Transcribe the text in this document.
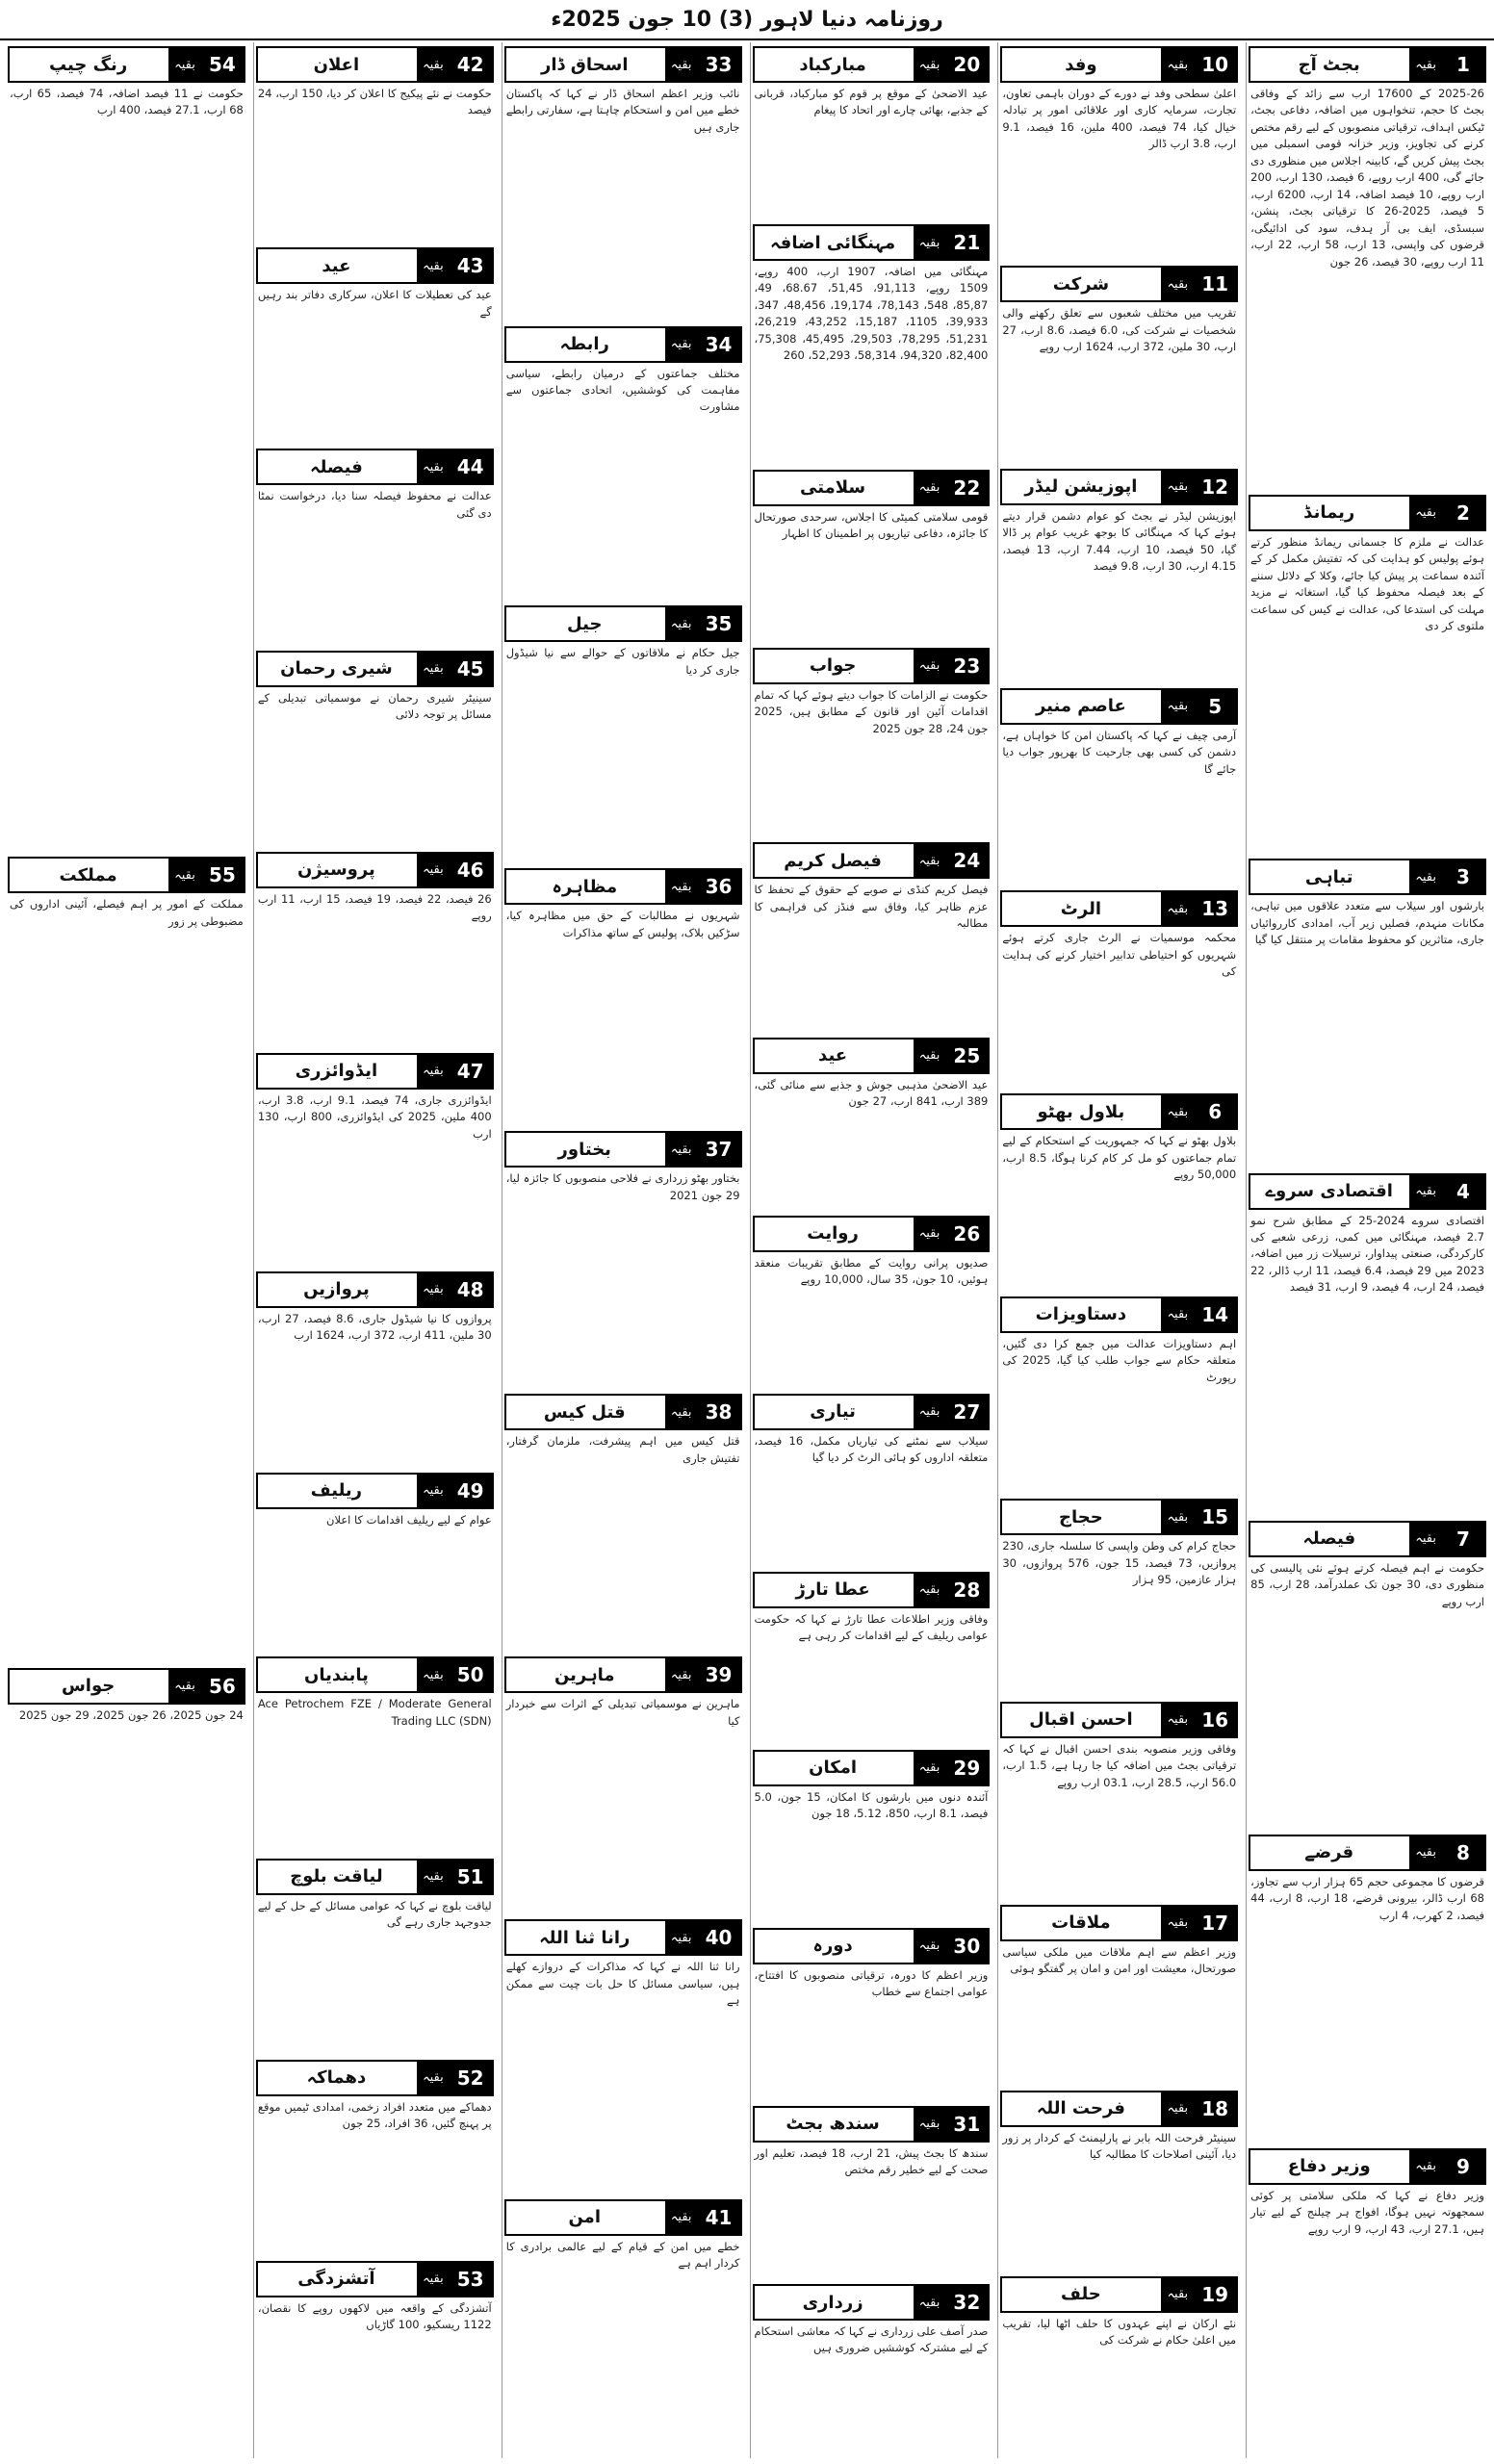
روزنامہ دنیا لاہور (3) 10 جون 2025ء
1
بقیہ
بجٹ آج
2025-26 کے 17600 ارب سے زائد کے وفاقی بجٹ کا حجم، تنخواہوں میں اضافہ، دفاعی بجٹ، ٹیکس اہداف، ترقیاتی منصوبوں کے لیے رقم مختص کرنے کی تجاویز، وزیر خزانہ قومی اسمبلی میں بجٹ پیش کریں گے، کابینہ اجلاس میں منظوری دی جائے گی، 400 ارب روپے، 6 فیصد، 130 ارب، 200 ارب روپے، 10 فیصد اضافہ، 14 ارب، 6200 ارب، 5 فیصد، 2025-26 کا ترقیاتی بجٹ، پنشن، سبسڈی، ایف بی آر ہدف، سود کی ادائیگی، قرضوں کی واپسی، 13 ارب، 58 ارب، 22 ارب، 11 ارب روپے، 30 فیصد، 26 جون
2
بقیہ
ریمانڈ
عدالت نے ملزم کا جسمانی ریمانڈ منظور کرتے ہوئے پولیس کو ہدایت کی کہ تفتیش مکمل کر کے آئندہ سماعت پر پیش کیا جائے، وکلا کے دلائل سننے کے بعد فیصلہ محفوظ کیا گیا، استغاثہ نے مزید مہلت کی استدعا کی، عدالت نے کیس کی سماعت ملتوی کر دی
3
بقیہ
تباہی
بارشوں اور سیلاب سے متعدد علاقوں میں تباہی، مکانات منہدم، فصلیں زیر آب، امدادی کارروائیاں جاری، متاثرین کو محفوظ مقامات پر منتقل کیا گیا
4
بقیہ
اقتصادی سروے
اقتصادی سروے 2024-25 کے مطابق شرح نمو 2.7 فیصد، مہنگائی میں کمی، زرعی شعبے کی کارکردگی، صنعتی پیداوار، ترسیلات زر میں اضافہ، 2023 میں 29 فیصد، 6.4 فیصد، 11 ارب ڈالر، 22 فیصد، 24 ارب، 4 فیصد، 9 ارب، 31 فیصد
7
بقیہ
فیصلہ
حکومت نے اہم فیصلہ کرتے ہوئے نئی پالیسی کی منظوری دی، 30 جون تک عملدرآمد، 28 ارب، 85 ارب روپے
8
بقیہ
قرضے
قرضوں کا مجموعی حجم 65 ہزار ارب سے تجاوز، 68 ارب ڈالر، بیرونی قرضے، 18 ارب، 8 ارب، 44 فیصد، 2 کھرب، 4 ارب
9
بقیہ
وزیر دفاع
وزیر دفاع نے کہا کہ ملکی سلامتی پر کوئی سمجھوتہ نہیں ہوگا، افواج ہر چیلنج کے لیے تیار ہیں، 27.1 ارب، 43 ارب، 9 ارب روپے
10
بقیہ
وفد
اعلیٰ سطحی وفد نے دورے کے دوران باہمی تعاون، تجارت، سرمایہ کاری اور علاقائی امور پر تبادلہ خیال کیا، 74 فیصد، 400 ملین، 16 فیصد، 9.1 ارب، 3.8 ارب ڈالر
11
بقیہ
شرکت
تقریب میں مختلف شعبوں سے تعلق رکھنے والی شخصیات نے شرکت کی، 6.0 فیصد، 8.6 ارب، 27 ارب، 30 ملین، 372 ارب، 1624 ارب روپے
12
بقیہ
اپوزیشن لیڈر
اپوزیشن لیڈر نے بجٹ کو عوام دشمن قرار دیتے ہوئے کہا کہ مہنگائی کا بوجھ غریب عوام پر ڈالا گیا، 50 فیصد، 10 ارب، 7.44 ارب، 13 فیصد، 4.15 ارب، 30 ارب، 9.8 فیصد
5
بقیہ
عاصم منیر
آرمی چیف نے کہا کہ پاکستان امن کا خواہاں ہے، دشمن کی کسی بھی جارحیت کا بھرپور جواب دیا جائے گا
13
بقیہ
الرٹ
محکمہ موسمیات نے الرٹ جاری کرتے ہوئے شہریوں کو احتیاطی تدابیر اختیار کرنے کی ہدایت کی
6
بقیہ
بلاول بھٹو
بلاول بھٹو نے کہا کہ جمہوریت کے استحکام کے لیے تمام جماعتوں کو مل کر کام کرنا ہوگا، 8.5 ارب، 50,000 روپے
14
بقیہ
دستاویزات
اہم دستاویزات عدالت میں جمع کرا دی گئیں، متعلقہ حکام سے جواب طلب کیا گیا، 2025 کی رپورٹ
15
بقیہ
حجاج
حجاج کرام کی وطن واپسی کا سلسلہ جاری، 230 پروازیں، 73 فیصد، 15 جون، 576 پروازوں، 30 ہزار عازمین، 95 ہزار
16
بقیہ
احسن اقبال
وفاقی وزیر منصوبہ بندی احسن اقبال نے کہا کہ ترقیاتی بجٹ میں اضافہ کیا جا رہا ہے، 1.5 ارب، 56.0 ارب، 28.5 ارب، 03.1 ارب روپے
17
بقیہ
ملاقات
وزیر اعظم سے اہم ملاقات میں ملکی سیاسی صورتحال، معیشت اور امن و امان پر گفتگو ہوئی
18
بقیہ
فرحت اللہ
سینیٹر فرحت اللہ بابر نے پارلیمنٹ کے کردار پر زور دیا، آئینی اصلاحات کا مطالبہ کیا
19
بقیہ
حلف
نئے ارکان نے اپنے عہدوں کا حلف اٹھا لیا، تقریب میں اعلیٰ حکام نے شرکت کی
20
بقیہ
مبارکباد
عید الاضحیٰ کے موقع پر قوم کو مبارکباد، قربانی کے جذبے، بھائی چارے اور اتحاد کا پیغام
21
بقیہ
مہنگائی اضافہ
مہنگائی میں اضافہ، 1907 ارب، 400 روپے، 1509 روپے، 91,113، 51,45، 68.67، 49، 85,87، 548، 78,143، 19,174، 48,456، 347، 39,933، 1105، 15,187، 43,252، 26,219، 51,231، 78,295، 29,503، 45,495، 75,308، 82,400، 94,320، 58,314، 52,293، 260
22
بقیہ
سلامتی
قومی سلامتی کمیٹی کا اجلاس، سرحدی صورتحال کا جائزہ، دفاعی تیاریوں پر اطمینان کا اظہار
23
بقیہ
جواب
حکومت نے الزامات کا جواب دیتے ہوئے کہا کہ تمام اقدامات آئین اور قانون کے مطابق ہیں، 2025 جون 24، 28 جون 2025
24
بقیہ
فیصل کریم
فیصل کریم کنڈی نے صوبے کے حقوق کے تحفظ کا عزم ظاہر کیا، وفاق سے فنڈز کی فراہمی کا مطالبہ
25
بقیہ
عید
عید الاضحیٰ مذہبی جوش و جذبے سے منائی گئی، 389 ارب، 841 ارب، 27 جون
26
بقیہ
روایت
صدیوں پرانی روایت کے مطابق تقریبات منعقد ہوئیں، 10 جون، 35 سال، 10,000 روپے
27
بقیہ
تیاری
سیلاب سے نمٹنے کی تیاریاں مکمل، 16 فیصد، متعلقہ اداروں کو ہائی الرٹ کر دیا گیا
28
بقیہ
عطا تارڑ
وفاقی وزیر اطلاعات عطا تارڑ نے کہا کہ حکومت عوامی ریلیف کے لیے اقدامات کر رہی ہے
29
بقیہ
امکان
آئندہ دنوں میں بارشوں کا امکان، 15 جون، 5.0 فیصد، 8.1 ارب، 850، 5.12، 18 جون
30
بقیہ
دورہ
وزیر اعظم کا دورہ، ترقیاتی منصوبوں کا افتتاح، عوامی اجتماع سے خطاب
31
بقیہ
سندھ بجٹ
سندھ کا بجٹ پیش، 21 ارب، 18 فیصد، تعلیم اور صحت کے لیے خطیر رقم مختص
32
بقیہ
زرداری
صدر آصف علی زرداری نے کہا کہ معاشی استحکام کے لیے مشترکہ کوششیں ضروری ہیں
33
بقیہ
اسحاق ڈار
نائب وزیر اعظم اسحاق ڈار نے کہا کہ پاکستان خطے میں امن و استحکام چاہتا ہے، سفارتی رابطے جاری ہیں
34
بقیہ
رابطہ
مختلف جماعتوں کے درمیان رابطے، سیاسی مفاہمت کی کوششیں، اتحادی جماعتوں سے مشاورت
35
بقیہ
جیل
جیل حکام نے ملاقاتوں کے حوالے سے نیا شیڈول جاری کر دیا
36
بقیہ
مظاہرہ
شہریوں نے مطالبات کے حق میں مظاہرہ کیا، سڑکیں بلاک، پولیس کے ساتھ مذاکرات
37
بقیہ
بختاور
بختاور بھٹو زرداری نے فلاحی منصوبوں کا جائزہ لیا، 29 جون 2021
38
بقیہ
قتل کیس
قتل کیس میں اہم پیشرفت، ملزمان گرفتار، تفتیش جاری
39
بقیہ
ماہرین
ماہرین نے موسمیاتی تبدیلی کے اثرات سے خبردار کیا
40
بقیہ
رانا ثنا اللہ
رانا ثنا اللہ نے کہا کہ مذاکرات کے دروازے کھلے ہیں، سیاسی مسائل کا حل بات چیت سے ممکن ہے
41
بقیہ
امن
خطے میں امن کے قیام کے لیے عالمی برادری کا کردار اہم ہے
42
بقیہ
اعلان
حکومت نے نئے پیکیج کا اعلان کر دیا، 150 ارب، 24 فیصد
43
بقیہ
عید
عید کی تعطیلات کا اعلان، سرکاری دفاتر بند رہیں گے
44
بقیہ
فیصلہ
عدالت نے محفوظ فیصلہ سنا دیا، درخواست نمٹا دی گئی
45
بقیہ
شیری رحمان
سینیٹر شیری رحمان نے موسمیاتی تبدیلی کے مسائل پر توجہ دلائی
46
بقیہ
پروسیژن
26 فیصد، 22 فیصد، 19 فیصد، 15 ارب، 11 ارب روپے
47
بقیہ
ایڈوائزری
ایڈوائزری جاری، 74 فیصد، 9.1 ارب، 3.8 ارب، 400 ملین، 2025 کی ایڈوائزری، 800 ارب، 130 ارب
48
بقیہ
پروازیں
پروازوں کا نیا شیڈول جاری، 8.6 فیصد، 27 ارب، 30 ملین، 411 ارب، 372 ارب، 1624 ارب
49
بقیہ
ریلیف
عوام کے لیے ریلیف اقدامات کا اعلان
50
بقیہ
پابندیاں
Ace Petrochem FZE / Moderate General Trading LLC (SDN)
51
بقیہ
لیاقت بلوچ
لیاقت بلوچ نے کہا کہ عوامی مسائل کے حل کے لیے جدوجہد جاری رہے گی
52
بقیہ
دھماکہ
دھماکے میں متعدد افراد زخمی، امدادی ٹیمیں موقع پر پہنچ گئیں، 36 افراد، 25 جون
53
بقیہ
آتشزدگی
آتشزدگی کے واقعہ میں لاکھوں روپے کا نقصان، 1122 ریسکیو، 100 گاڑیاں
54
بقیہ
رنگ چیپ
حکومت نے 11 فیصد اضافہ، 74 فیصد، 65 ارب، 68 ارب، 27.1 فیصد، 400 ارب
55
بقیہ
مملکت
مملکت کے امور پر اہم فیصلے، آئینی اداروں کی مضبوطی پر زور
56
بقیہ
جواس
24 جون 2025، 26 جون 2025، 29 جون 2025
